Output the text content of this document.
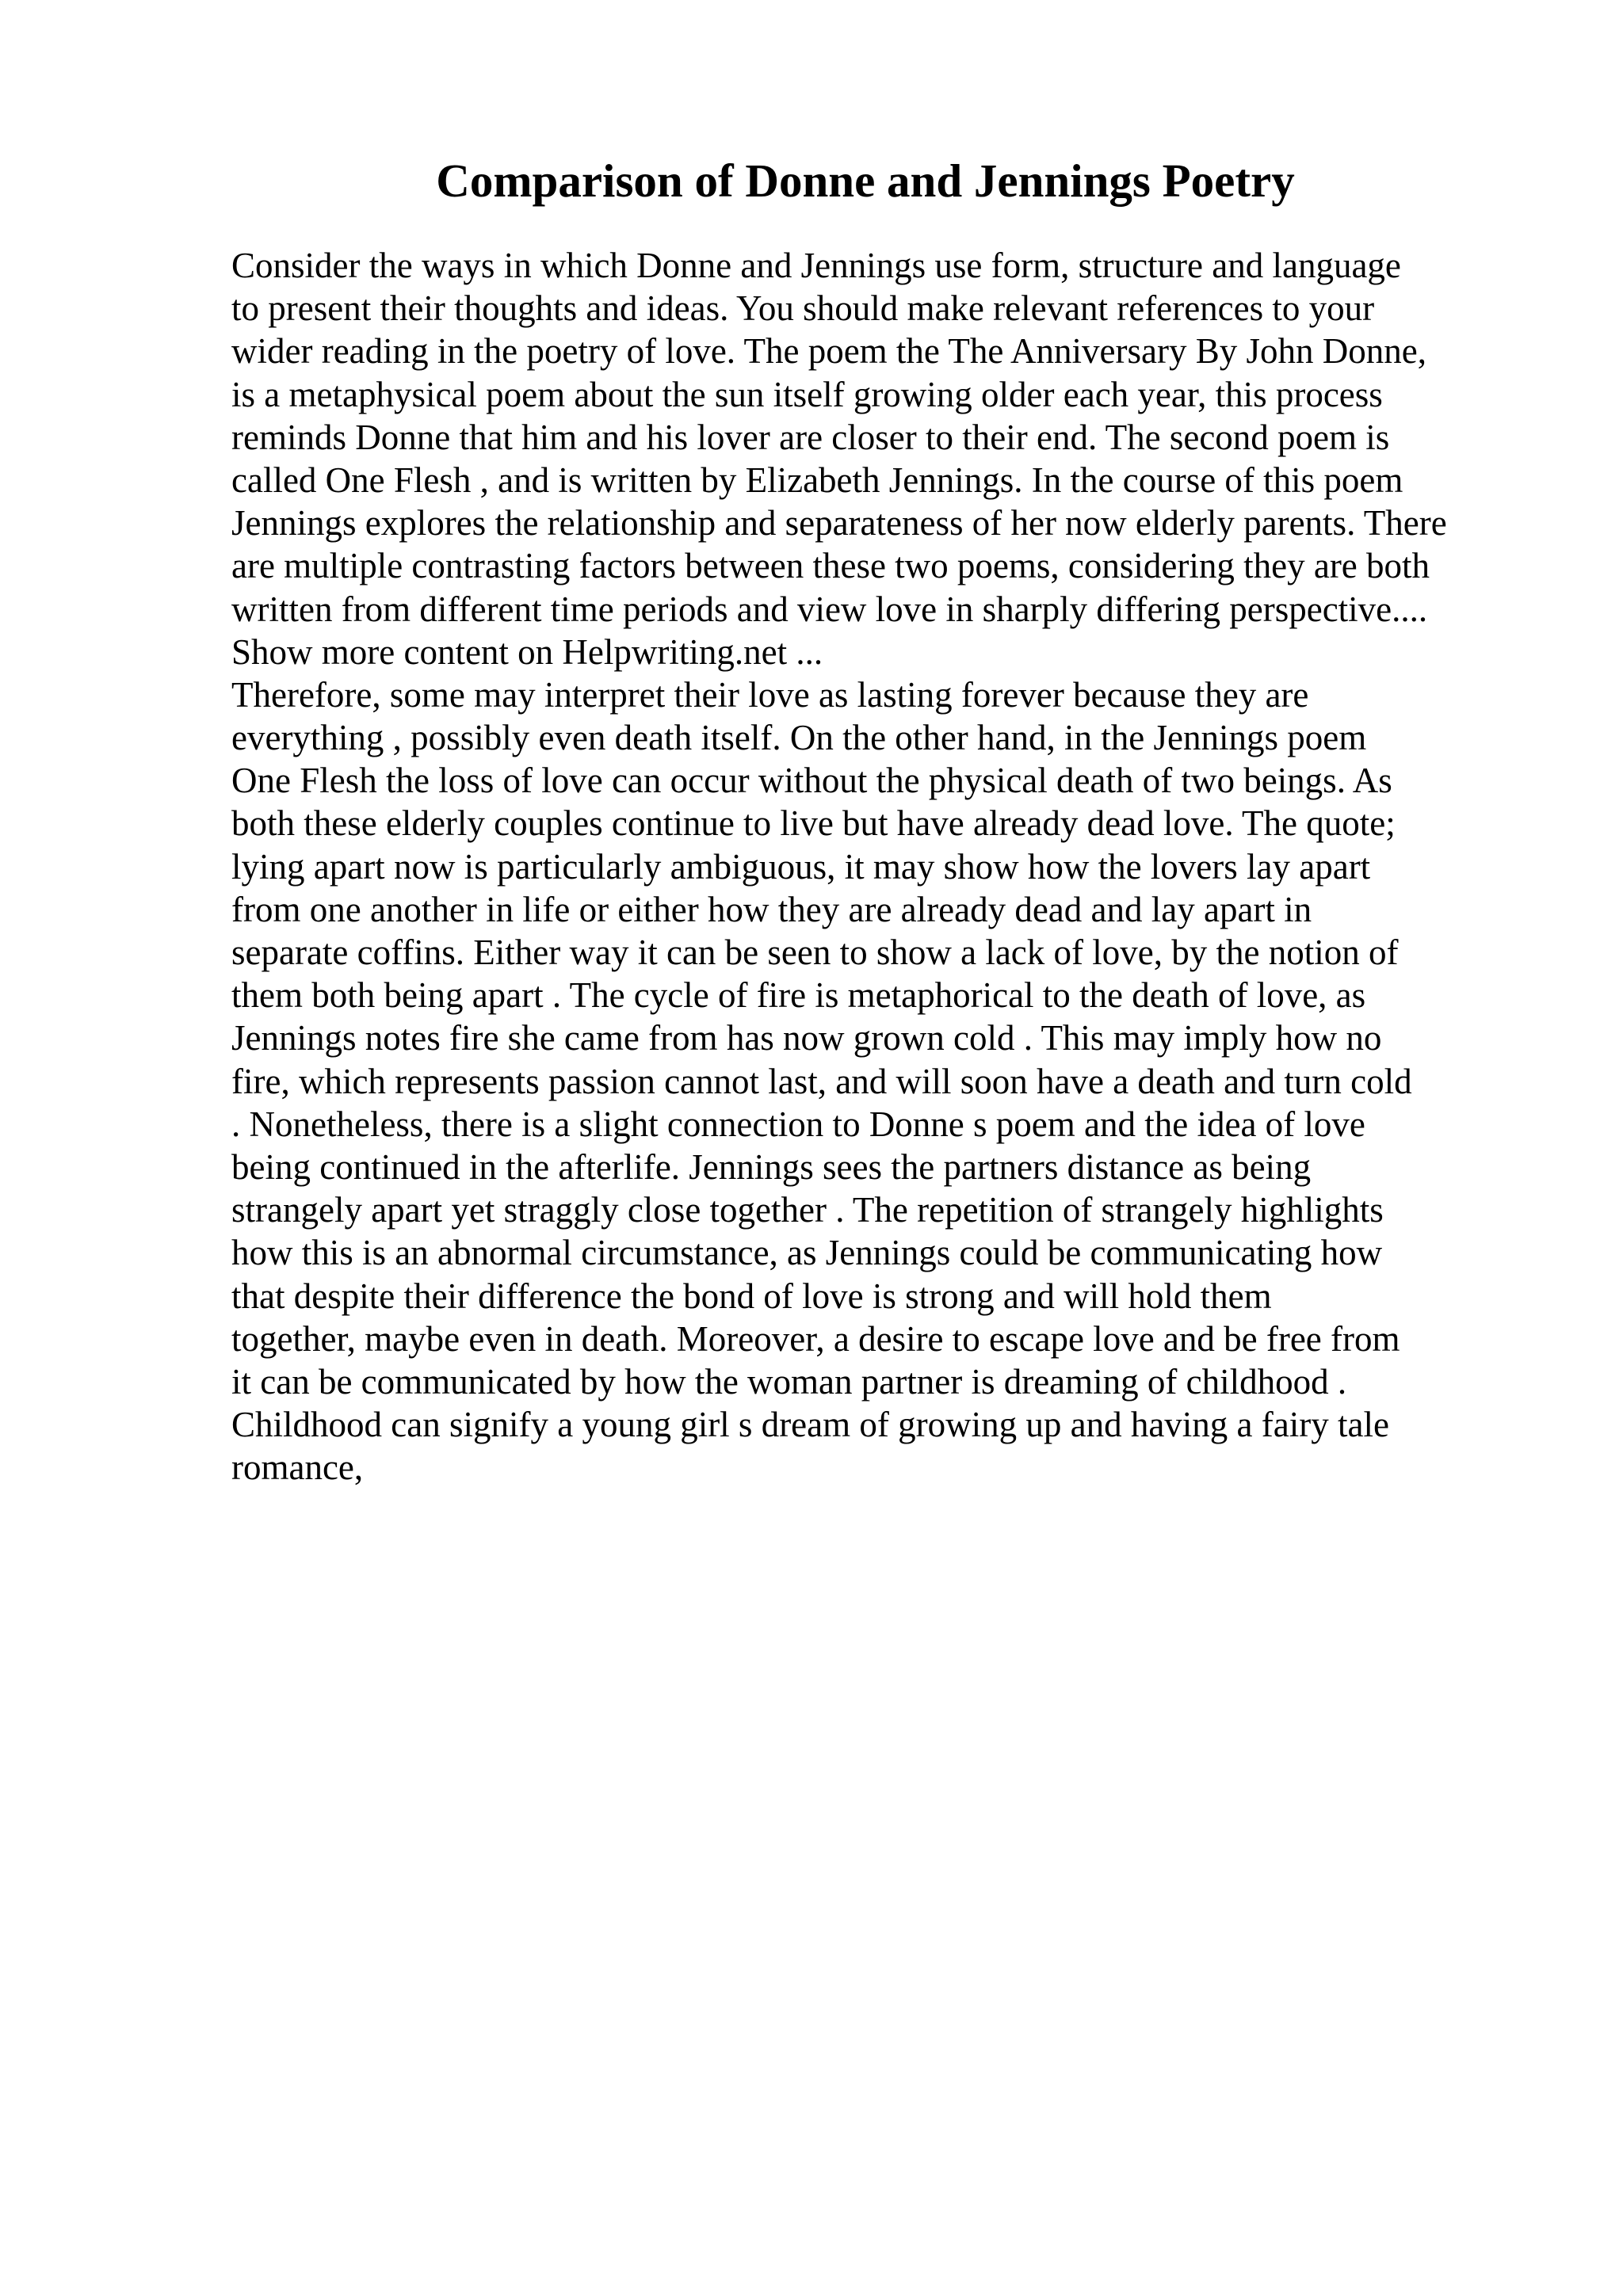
Comparison of Donne and Jennings Poetry
Consider the ways in which Donne and Jennings use form, structure and language
to present their thoughts and ideas. You should make relevant references to your
wider reading in the poetry of love. The poem the The Anniversary By John Donne,
is a metaphysical poem about the sun itself growing older each year, this process
reminds Donne that him and his lover are closer to their end. The second poem is
called One Flesh , and is written by Elizabeth Jennings. In the course of this poem
Jennings explores the relationship and separateness of her now elderly parents. There
are multiple contrasting factors between these two poems, considering they are both
written from different time periods and view love in sharply differing perspective....
Show more content on Helpwriting.net ...
Therefore, some may interpret their love as lasting forever because they are
everything , possibly even death itself. On the other hand, in the Jennings poem
One Flesh the loss of love can occur without the physical death of two beings. As
both these elderly couples continue to live but have already dead love. The quote;
lying apart now is particularly ambiguous, it may show how the lovers lay apart
from one another in life or either how they are already dead and lay apart in
separate coffins. Either way it can be seen to show a lack of love, by the notion of
them both being apart . The cycle of fire is metaphorical to the death of love, as
Jennings notes fire she came from has now grown cold . This may imply how no
fire, which represents passion cannot last, and will soon have a death and turn cold
. Nonetheless, there is a slight connection to Donne s poem and the idea of love
being continued in the afterlife. Jennings sees the partners distance as being
strangely apart yet straggly close together . The repetition of strangely highlights
how this is an abnormal circumstance, as Jennings could be communicating how
that despite their difference the bond of love is strong and will hold them
together, maybe even in death. Moreover, a desire to escape love and be free from
it can be communicated by how the woman partner is dreaming of childhood .
Childhood can signify a young girl s dream of growing up and having a fairy tale
romance,
